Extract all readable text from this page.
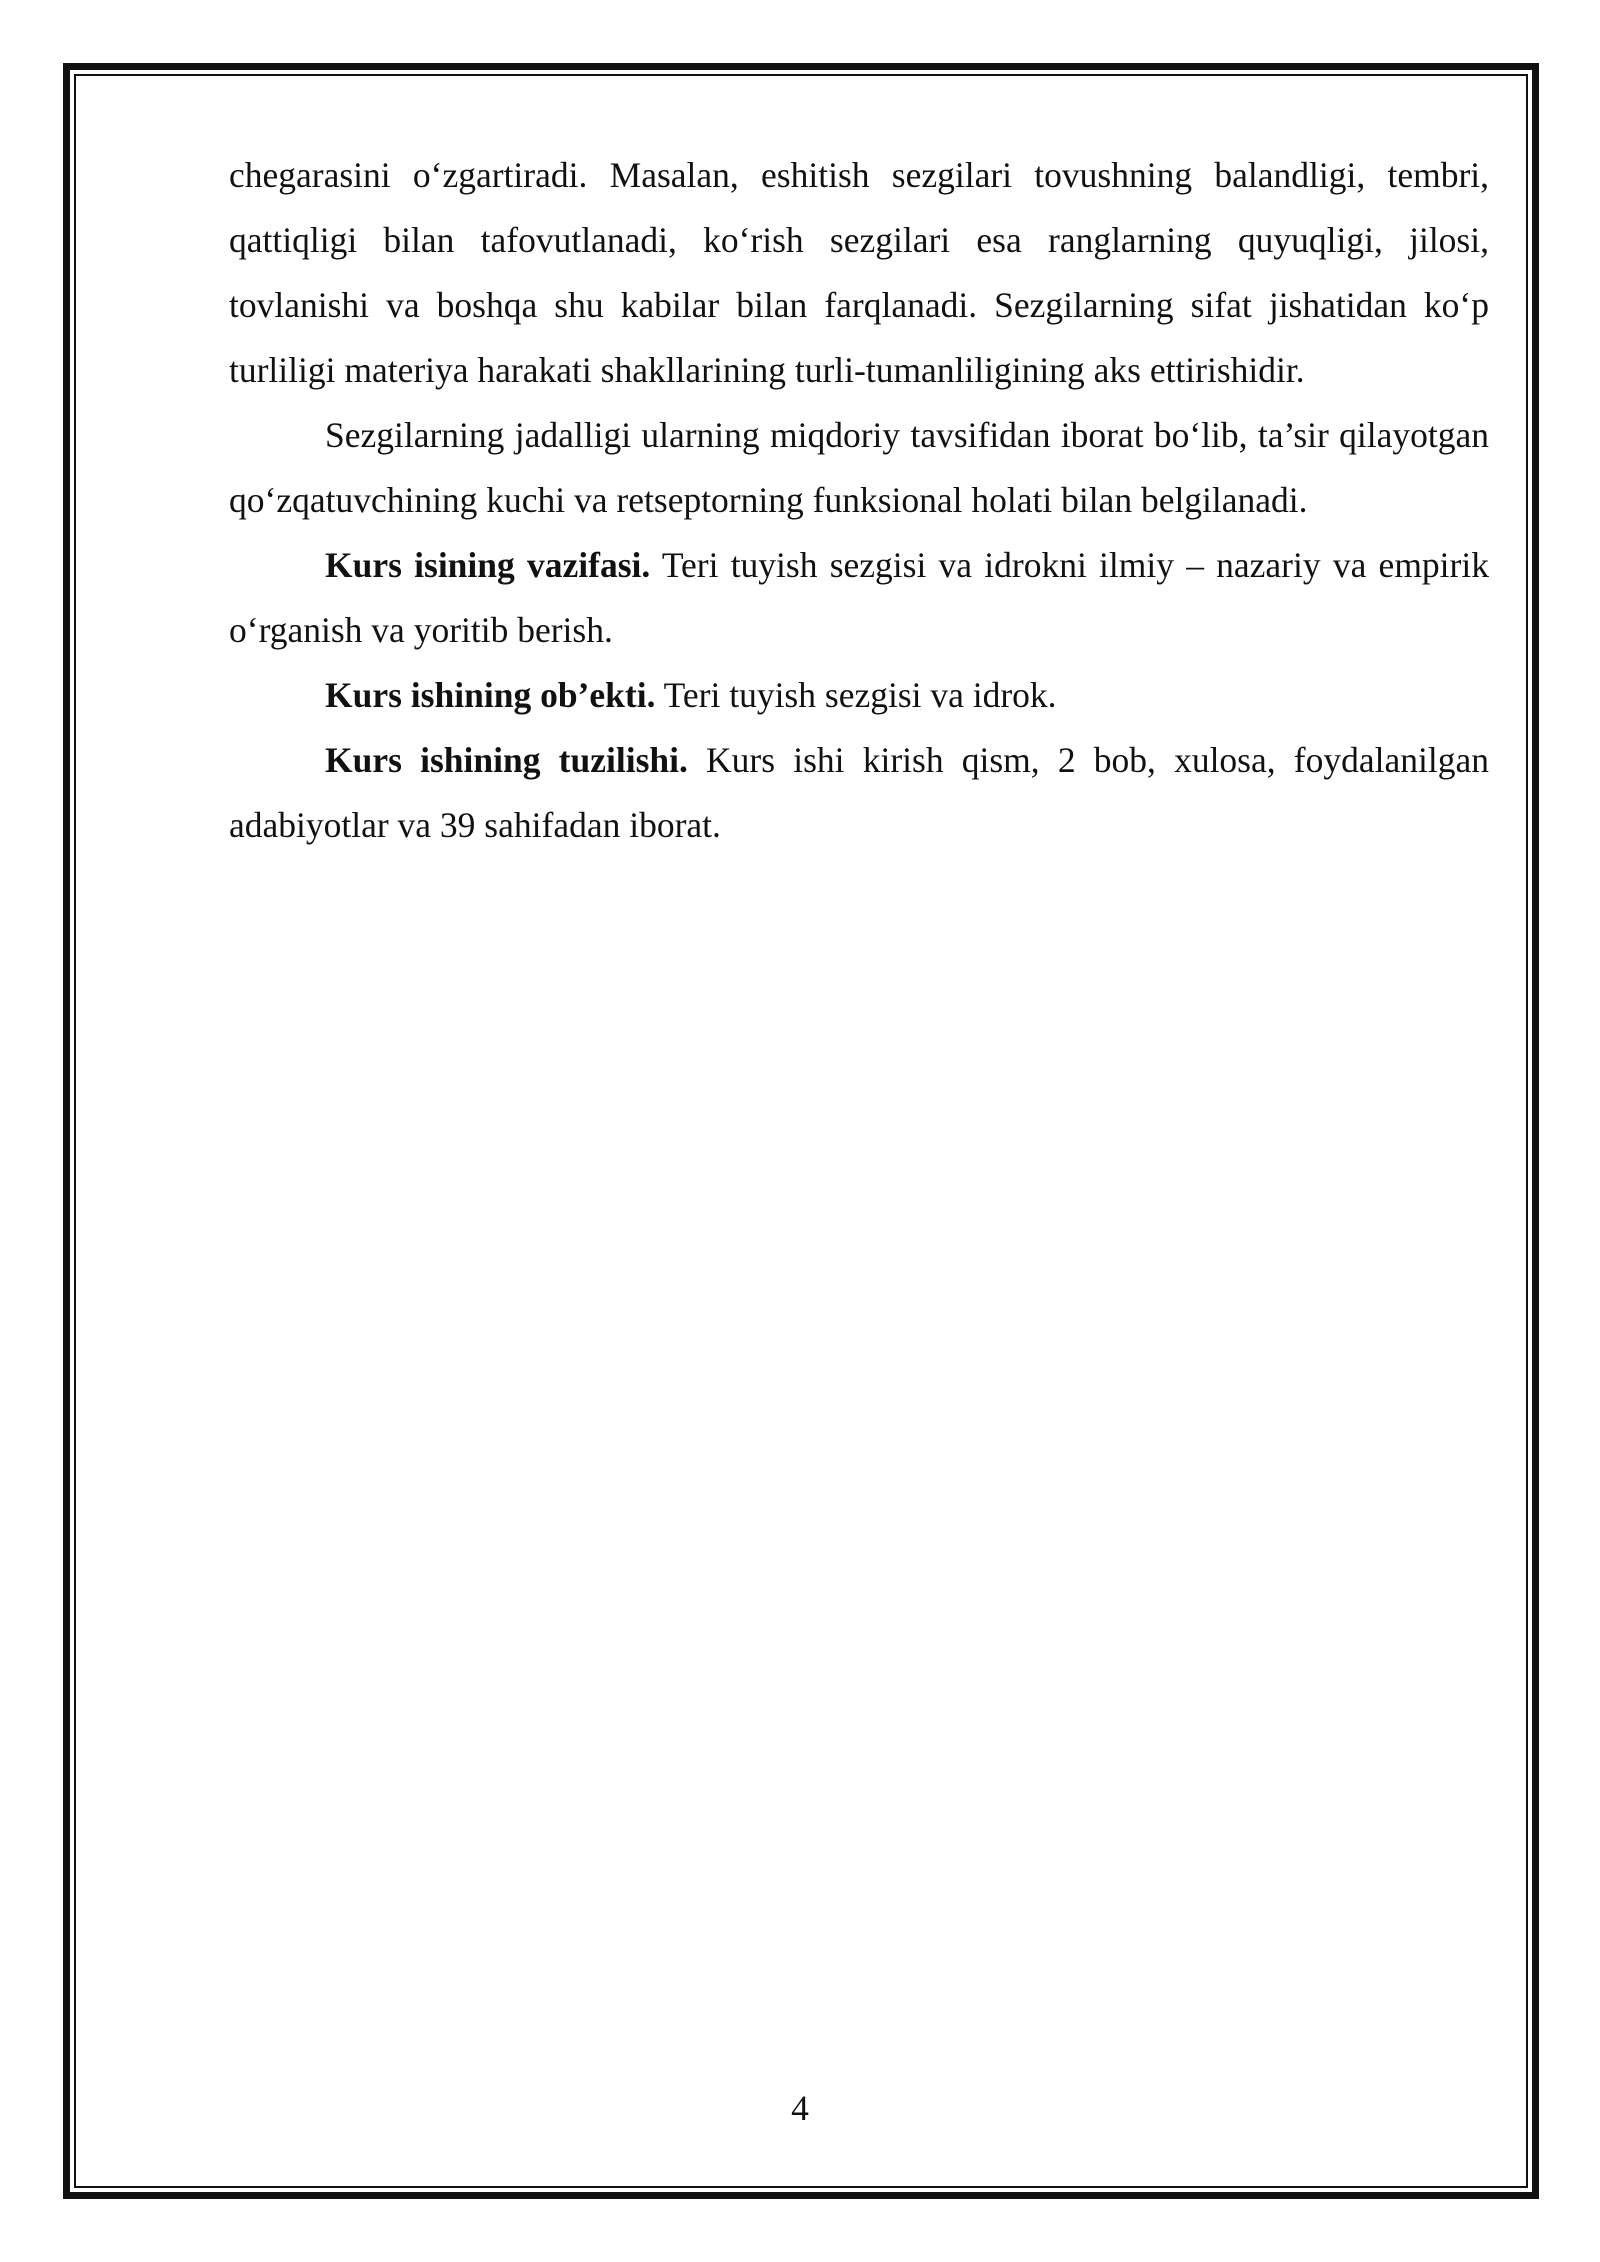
chegarasini o‘zgartiradi. Masalan, eshitish sezgilari tovushning balandligi, tembri, qattiqligi bilan tafovutlanadi, ko‘rish sezgilari esa ranglarning quyuqligi, jilosi, tovlanishi va boshqa shu kabilar bilan farqlanadi. Sezgilarning sifat jishatidan ko‘p turliligi materiya harakati shakllarining turli-tumanliligining aks ettirishidir.

Sezgilarning jadalligi ularning miqdoriy tavsifidan iborat bo‘lib, ta’sir qilayotgan qo‘zqatuvchining kuchi va retseptorning funksional holati bilan belgilanadi.

Kurs isining vazifasi. Teri tuyish sezgisi va idrokni ilmiy – nazariy va empirik o‘rganish va yoritib berish.

Kurs ishining ob’ekti. Teri tuyish sezgisi va idrok.

Kurs ishining tuzilishi. Kurs ishi kirish qism, 2 bob, xulosa, foydalanilgan adabiyotlar va 39 sahifadan iborat.

4
